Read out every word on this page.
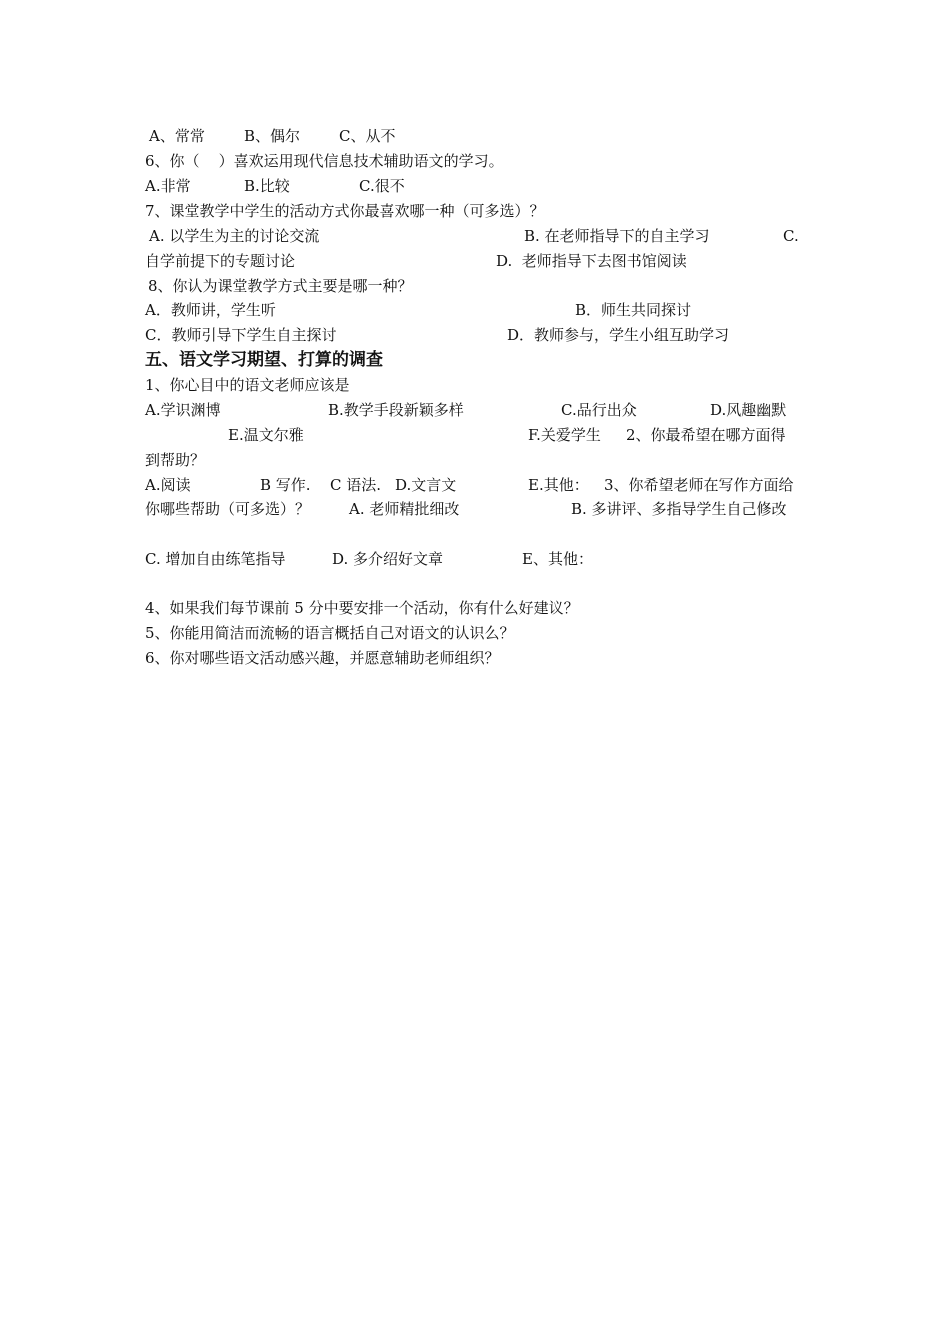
A、常常	B、偶尔	C、从不
6、你（    ）喜欢运用现代信息技术辅助语文的学习。
A.非常	B.比较	C.很不
7、课堂教学中学生的活动方式你最喜欢哪一种（可多选）？
A. 以学生为主的讨论交流	B. 在老师指导下的自主学习	C.
自学前提下的专题讨论	D.  老师指导下去图书馆阅读
8、你认为课堂教学方式主要是哪一种？
A．教师讲，学生听	B．师生共同探讨
C．教师引导下学生自主探讨	D．教师参与，学生小组互助学习
五、语文学习期望、打算的调查
1、你心目中的语文老师应该是
A.学识渊博	B.教学手段新颖多样	C.品行出众	D.风趣幽默
E.温文尔雅	F.关爱学生 2、你最希望在哪方面得
到帮助？
A.阅读	B 写作. C 语法. D.文言文	E.其他： 3、你希望老师在写作方面给
你哪些帮助（可多选）？	A. 老师精批细改	B. 多讲评、多指导学生自己修改
C. 增加自由练笔指导	D. 多介绍好文章	E、其他：
4、如果我们每节课前 5 分中要安排一个活动，你有什么好建议？
5、你能用简洁而流畅的语言概括自己对语文的认识么？
6、你对哪些语文活动感兴趣，并愿意辅助老师组织？
